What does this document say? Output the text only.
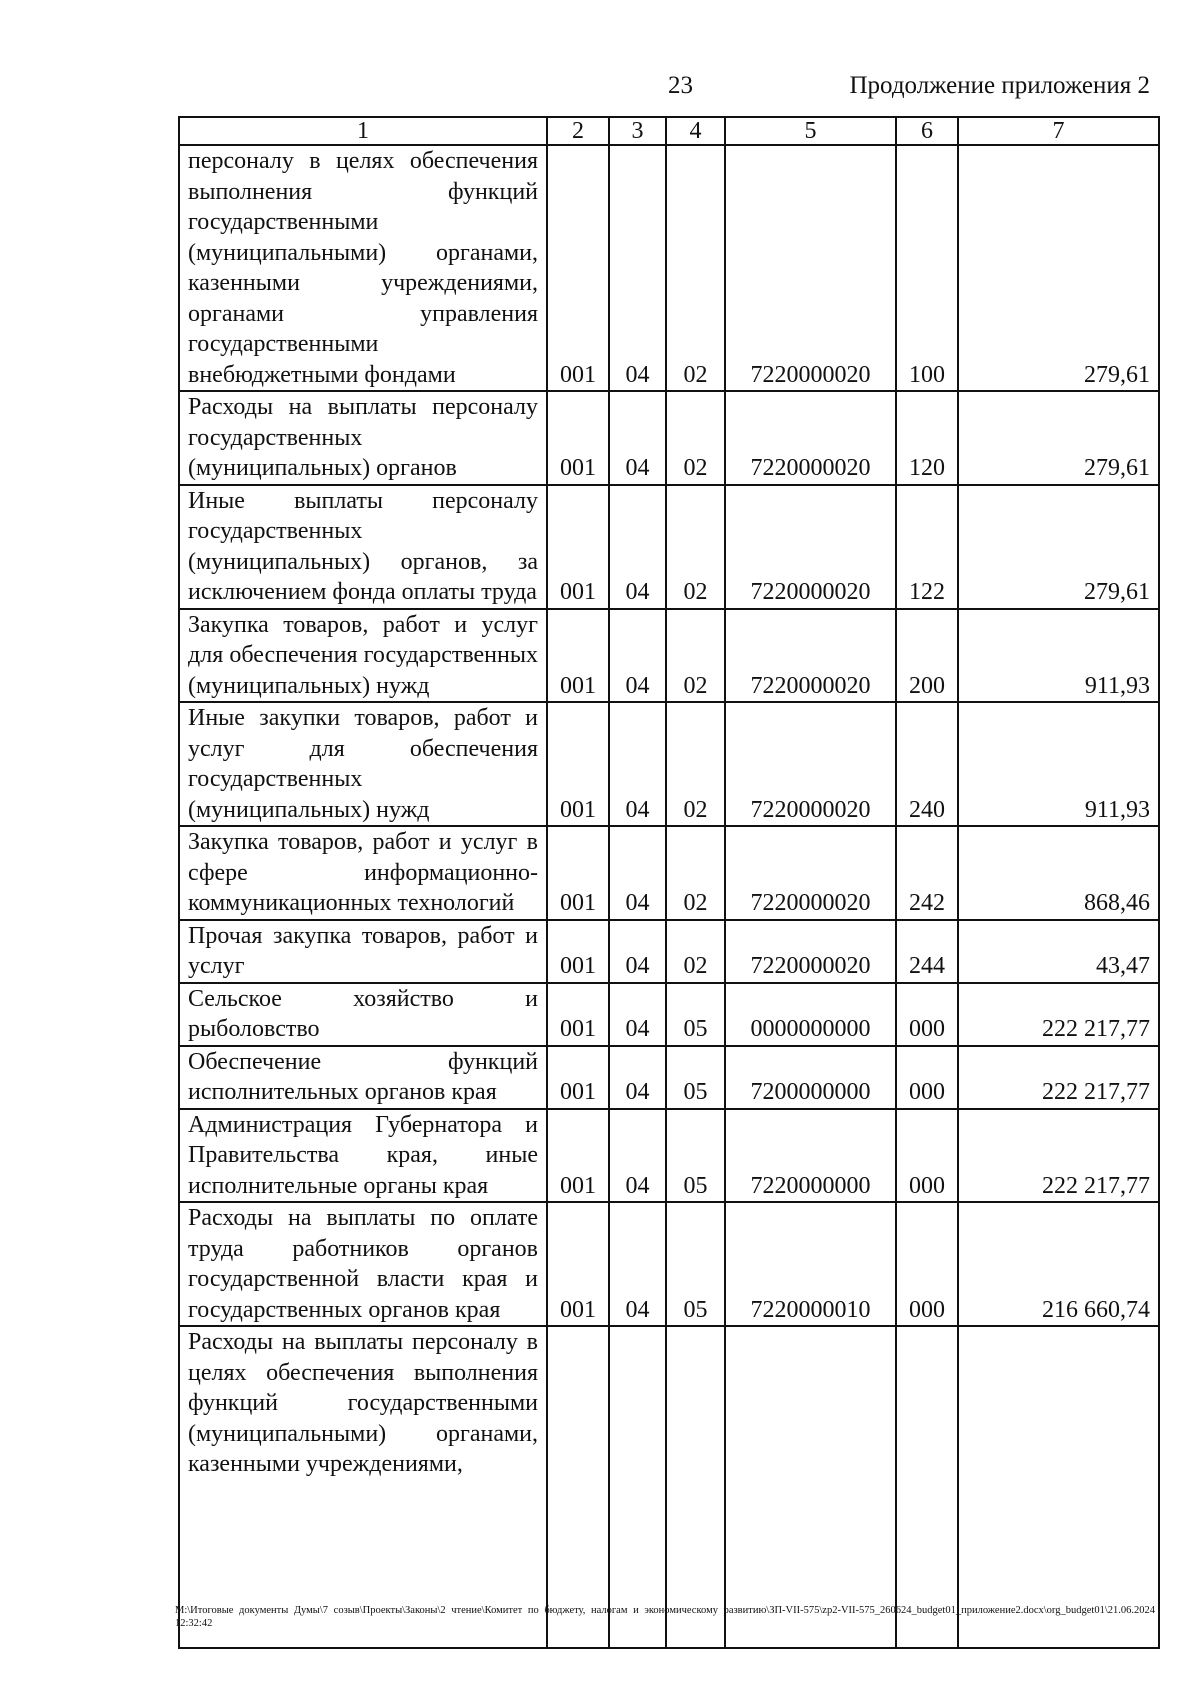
23	Продолжение приложения 2
1	2	3	4	5	6	7
персоналу в целях обеспечения выполнения функций государственными (муниципальными) органами, казенными учреждениями, органами управления государственными внебюджетными фондами	001	04	02	7220000020	100	279,61
Расходы на выплаты персоналу государственных (муниципальных) органов	001	04	02	7220000020	120	279,61
Иные выплаты персоналу государственных (муниципальных) органов, за исключением фонда оплаты труда	001	04	02	7220000020	122	279,61
Закупка товаров, работ и услуг для обеспечения государственных (муниципальных) нужд	001	04	02	7220000020	200	911,93
Иные закупки товаров, работ и услуг для обеспечения государственных (муниципальных) нужд	001	04	02	7220000020	240	911,93
Закупка товаров, работ и услуг в сфере информационно-коммуникационных технологий	001	04	02	7220000020	242	868,46
Прочая закупка товаров, работ и услуг	001	04	02	7220000020	244	43,47
Сельское хозяйство и рыболовство	001	04	05	0000000000	000	222 217,77
Обеспечение функций исполнительных органов края	001	04	05	7200000000	000	222 217,77
Администрация Губернатора и Правительства края, иные исполнительные органы края	001	04	05	7220000000	000	222 217,77
Расходы на выплаты по оплате труда работников органов государственной власти края и государственных органов края	001	04	05	7220000010	000	216 660,74
Расходы на выплаты персоналу в целях обеспечения выполнения функций государственными (муниципальными) органами, казенными учреждениями,						
M:\Итоговые документы Думы\7 созыв\Проекты\Законы\2 чтение\Комитет по бюджету, налогам и экономическому развитию\ЗП-VII-575\zp2-VII-575_260624_budget01_приложение2.docx\org_budget01\21.06.2024 12:32:42
